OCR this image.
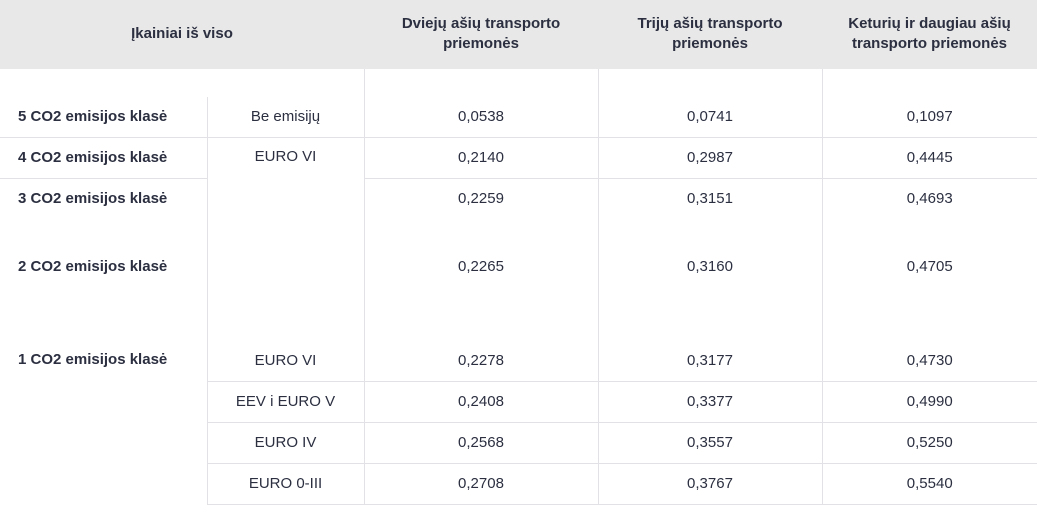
Įkainiai iš viso		Dviejų ašių transporto priemonės	Trijų ašių transporto priemonės	Keturių ir daugiau ašių transporto priemonės

5 CO2 emisijos klasė	Be emisijų	0,0538	0,0741	0,1097
4 CO2 emisijos klasė	EURO VI	0,2140	0,2987	0,4445
3 CO2 emisijos klasė		0,2259	0,3151	0,4693
2 CO2 emisijos klasė		0,2265	0,3160	0,4705

1 CO2 emisijos klasė	EURO VI	0,2278	0,3177	0,4730
	EEV i EURO V	0,2408	0,3377	0,4990
	EURO IV	0,2568	0,3557	0,5250
	EURO 0-III	0,2708	0,3767	0,5540
